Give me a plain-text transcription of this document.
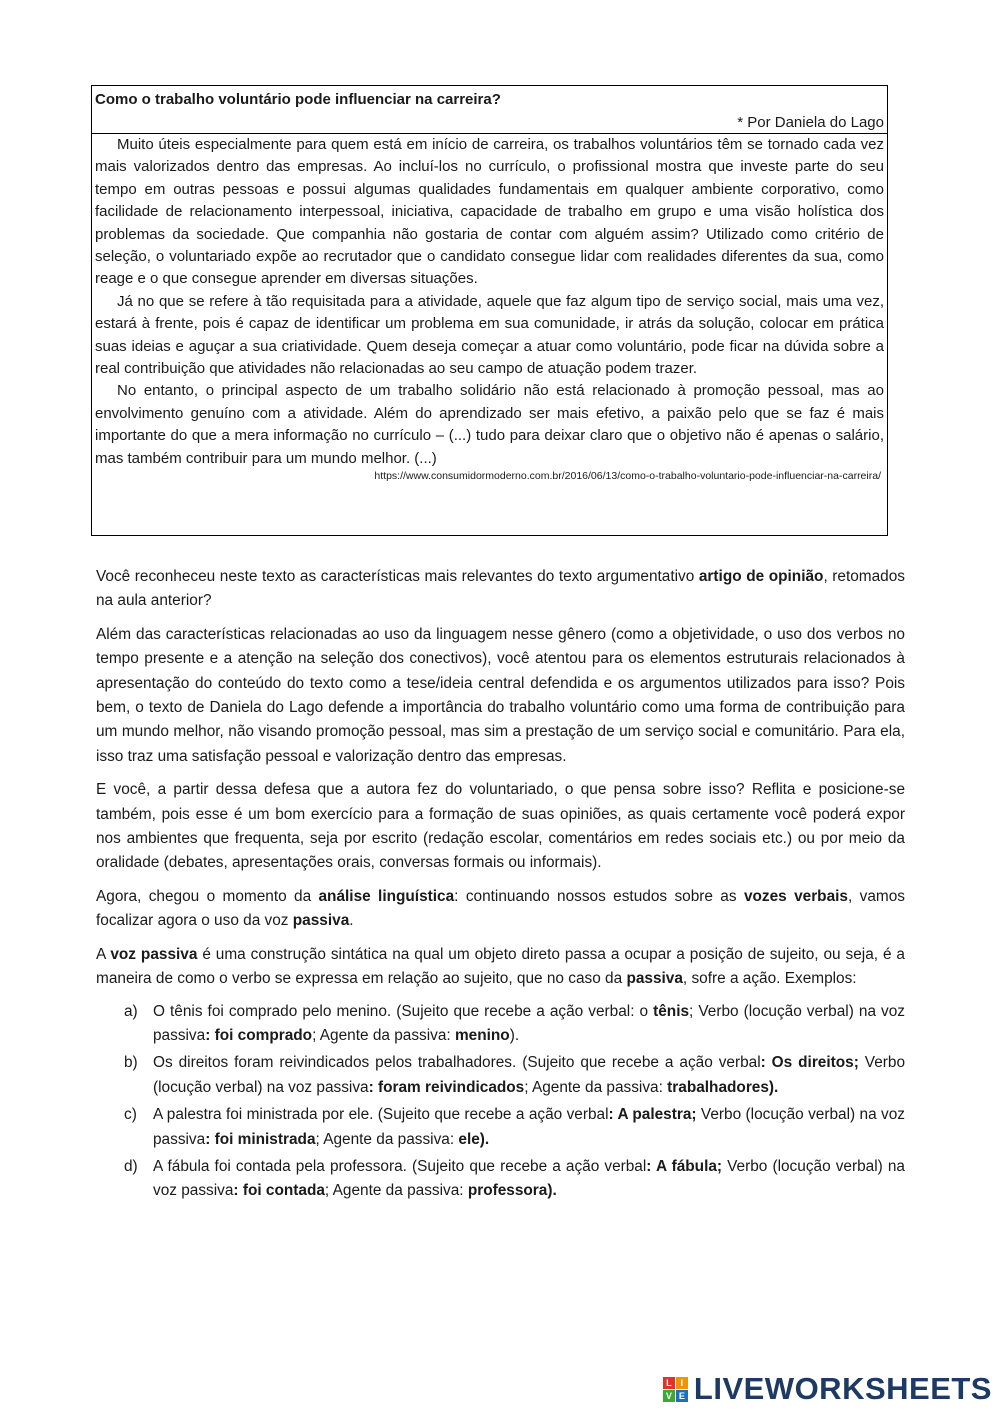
Como o trabalho voluntário pode influenciar na carreira?
* Por Daniela do Lago

Muito úteis especialmente para quem está em início de carreira, os trabalhos voluntários têm se tornado cada vez mais valorizados dentro das empresas. Ao incluí-los no currículo, o profissional mostra que investe parte do seu tempo em outras pessoas e possui algumas qualidades fundamentais em qualquer ambiente corporativo, como facilidade de relacionamento interpessoal, iniciativa, capacidade de trabalho em grupo e uma visão holística dos problemas da sociedade. Que companhia não gostaria de contar com alguém assim? Utilizado como critério de seleção, o voluntariado expõe ao recrutador que o candidato consegue lidar com realidades diferentes da sua, como reage e o que consegue aprender em diversas situações.

Já no que se refere à tão requisitada para a atividade, aquele que faz algum tipo de serviço social, mais uma vez, estará à frente, pois é capaz de identificar um problema em sua comunidade, ir atrás da solução, colocar em prática suas ideias e aguçar a sua criatividade. Quem deseja começar a atuar como voluntário, pode ficar na dúvida sobre a real contribuição que atividades não relacionadas ao seu campo de atuação podem trazer.

No entanto, o principal aspecto de um trabalho solidário não está relacionado à promoção pessoal, mas ao envolvimento genuíno com a atividade. Além do aprendizado ser mais efetivo, a paixão pelo que se faz é mais importante do que a mera informação no currículo – (...) tudo para deixar claro que o objetivo não é apenas o salário, mas também contribuir para um mundo melhor. (...)

https://www.consumidormoderno.com.br/2016/06/13/como-o-trabalho-voluntario-pode-influenciar-na-carreira/

Você reconheceu neste texto as características mais relevantes do texto argumentativo artigo de opinião, retomados na aula anterior?

Além das características relacionadas ao uso da linguagem nesse gênero (como a objetividade, o uso dos verbos no tempo presente e a atenção na seleção dos conectivos), você atentou para os elementos estruturais relacionados à apresentação do conteúdo do texto como a tese/ideia central defendida e os argumentos utilizados para isso? Pois bem, o texto de Daniela do Lago defende a importância do trabalho voluntário como uma forma de contribuição para um mundo melhor, não visando promoção pessoal, mas sim a prestação de um serviço social e comunitário. Para ela, isso traz uma satisfação pessoal e valorização dentro das empresas.

E você, a partir dessa defesa que a autora fez do voluntariado, o que pensa sobre isso? Reflita e posicione-se também, pois esse é um bom exercício para a formação de suas opiniões, as quais certamente você poderá expor nos ambientes que frequenta, seja por escrito (redação escolar, comentários em redes sociais etc.) ou por meio da oralidade (debates, apresentações orais, conversas formais ou informais).

Agora, chegou o momento da análise linguística: continuando nossos estudos sobre as vozes verbais, vamos focalizar agora o uso da voz passiva.

A voz passiva é uma construção sintática na qual um objeto direto passa a ocupar a posição de sujeito, ou seja, é a maneira de como o verbo se expressa em relação ao sujeito, que no caso da passiva, sofre a ação. Exemplos:

a) O tênis foi comprado pelo menino. (Sujeito que recebe a ação verbal: o tênis; Verbo (locução verbal) na voz passiva: foi comprado; Agente da passiva: menino).
b) Os direitos foram reivindicados pelos trabalhadores. (Sujeito que recebe a ação verbal: Os direitos; Verbo (locução verbal) na voz passiva: foram reivindicados; Agente da passiva: trabalhadores).
c) A palestra foi ministrada por ele. (Sujeito que recebe a ação verbal: A palestra; Verbo (locução verbal) na voz passiva: foi ministrada; Agente da passiva: ele).
d) A fábula foi contada pela professora. (Sujeito que recebe a ação verbal: A fábula; Verbo (locução verbal) na voz passiva: foi contada; Agente da passiva: professora).
L I
V E LIVEWORKSHEETS
